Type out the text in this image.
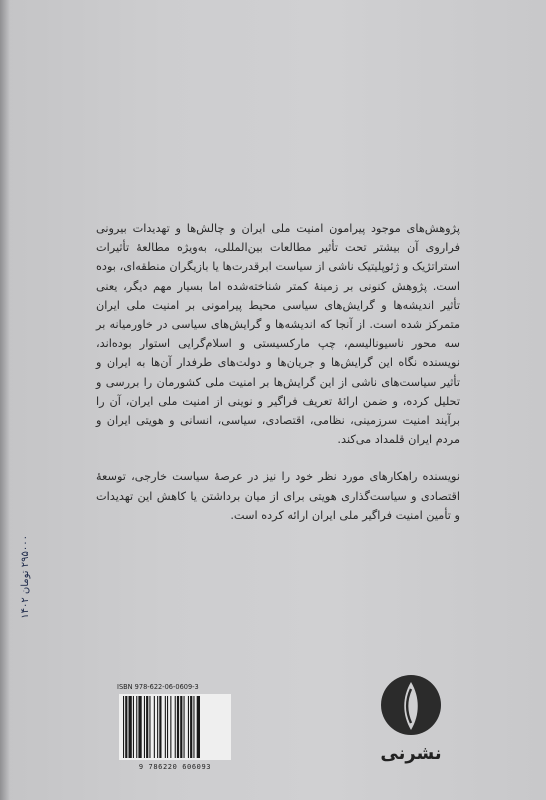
پژوهش‌های موجود پیرامون امنیت ملی ایران و چالش‌ها و تهدیدات بیرونی فراروی آن بیشتر تحت تأثیر مطالعات بین‌المللی، به‌ویژه مطالعهٔ تأثیرات استراتژیک و ژئوپلیتیک ناشی از سیاست ابرقدرت‌ها یا بازیگران منطقه‌ای، بوده است. پژوهش کنونی بر زمینهٔ کمتر شناخته‌شده اما بسیار مهم دیگر، یعنی تأثیر اندیشه‌ها و گرایش‌های سیاسی محیط پیرامونی بر امنیت ملی ایران متمرکز شده است. از آنجا که اندیشه‌ها و گرایش‌های سیاسی در خاورمیانه بر سه محور ناسیونالیسم، چپ مارکسیستی و اسلام‌گرایی استوار بوده‌اند، نویسنده نگاه این گرایش‌ها و جریان‌ها و دولت‌های طرفدار آن‌ها به ایران و تأثیر سیاست‌های ناشی از این گرایش‌ها بر امنیت ملی کشورمان را بررسی و تحلیل کرده، و ضمن ارائهٔ تعریف فراگیر و نوینی از امنیت ملی ایران، آن را برآیند امنیت سرزمینی، نظامی، اقتصادی، سیاسی، انسانی و هویتی ایران و مردم ایران قلمداد می‌کند.

نویسنده راهکارهای مورد نظر خود را نیز در عرصهٔ سیاست خارجی، توسعهٔ اقتصادی و سیاست‌گذاری هویتی برای از میان برداشتن یا کاهش این تهدیدات و تأمین امنیت فراگیر ملی ایران ارائه کرده است.

۲۹۵۰۰۰ تومان ۱۴۰۲
ISBN 978-622-06-0609-3
9 786220 606093
نشرنی
